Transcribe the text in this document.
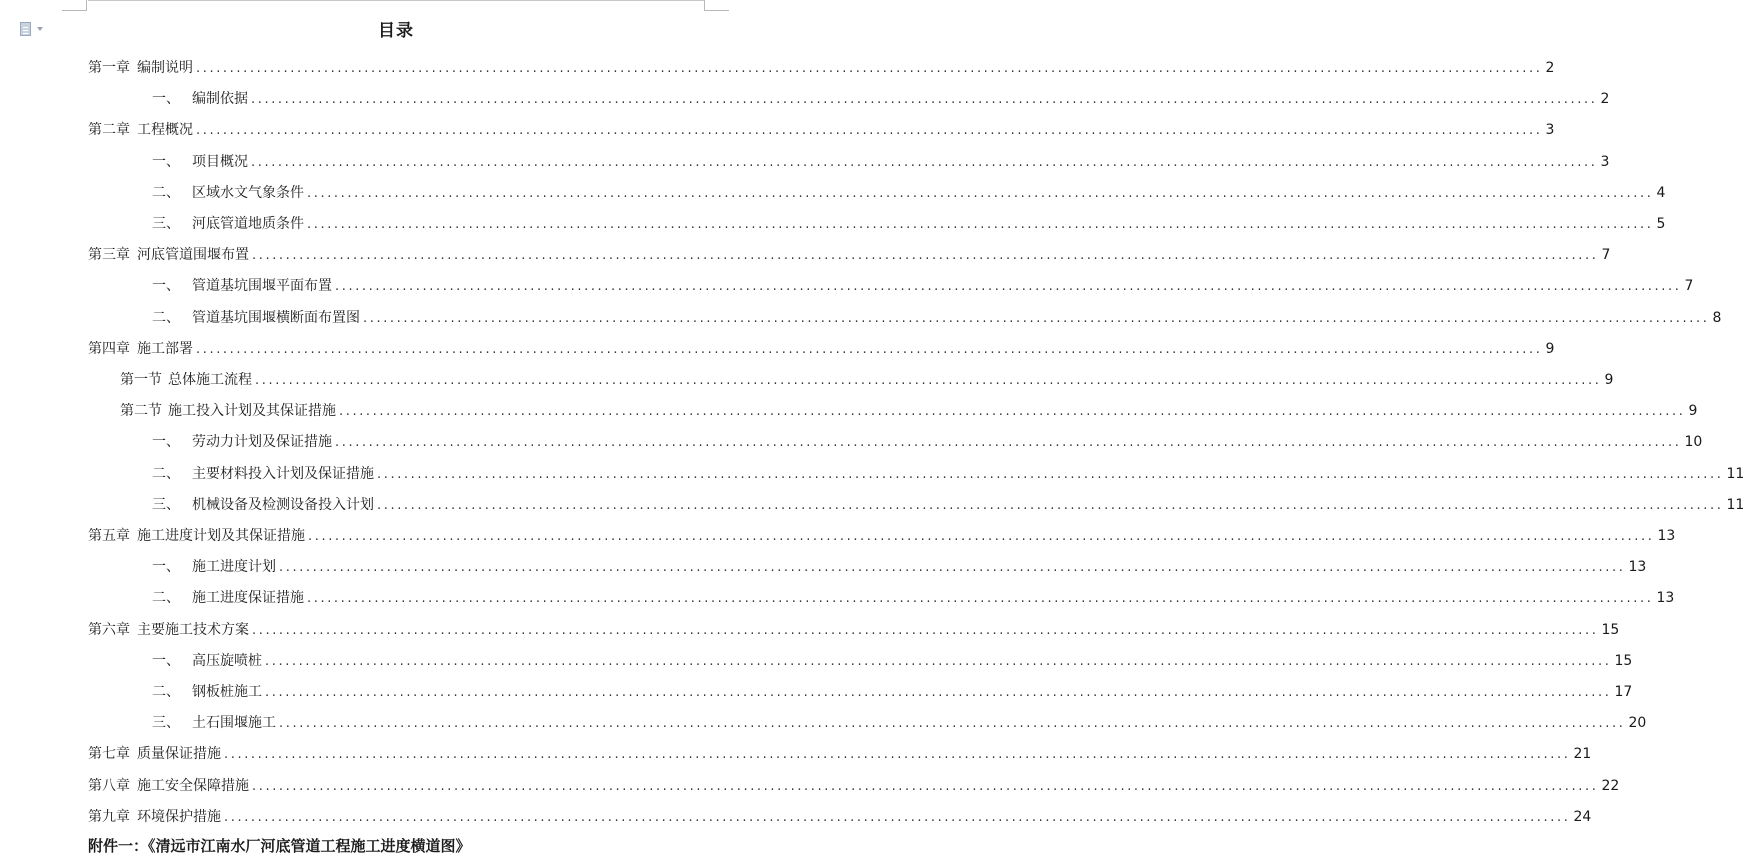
目录
第一章 编制说明 ........................................................................................................................................................................................................ 2
一、 编制依据 ........................................................................................................................................................................................................ 2
第二章 工程概况 ........................................................................................................................................................................................................ 3
一、 项目概况 ........................................................................................................................................................................................................ 3
二、 区域水文气象条件 ........................................................................................................................................................................................................ 4
三、 河底管道地质条件 ........................................................................................................................................................................................................ 5
第三章 河底管道围堰布置 ........................................................................................................................................................................................................ 7
一、 管道基坑围堰平面布置 ........................................................................................................................................................................................................ 7
二、 管道基坑围堰横断面布置图 ........................................................................................................................................................................................................ 8
第四章 施工部署 ........................................................................................................................................................................................................ 9
第一节 总体施工流程 ........................................................................................................................................................................................................ 9
第二节 施工投入计划及其保证措施 ........................................................................................................................................................................................................ 9
一、 劳动力计划及保证措施 ........................................................................................................................................................................................................ 10
二、 主要材料投入计划及保证措施 ........................................................................................................................................................................................................ 11
三、 机械设备及检测设备投入计划 ........................................................................................................................................................................................................ 11
第五章 施工进度计划及其保证措施 ........................................................................................................................................................................................................ 13
一、 施工进度计划 ........................................................................................................................................................................................................ 13
二、 施工进度保证措施 ........................................................................................................................................................................................................ 13
第六章 主要施工技术方案 ........................................................................................................................................................................................................ 15
一、 高压旋喷桩 ........................................................................................................................................................................................................ 15
二、 钢板桩施工 ........................................................................................................................................................................................................ 17
三、 土石围堰施工 ........................................................................................................................................................................................................ 20
第七章 质量保证措施 ........................................................................................................................................................................................................ 21
第八章 施工安全保障措施 ........................................................................................................................................................................................................ 22
第九章 环境保护措施 ........................................................................................................................................................................................................ 24
附件一：《清远市江南水厂河底管道工程施工进度横道图》
